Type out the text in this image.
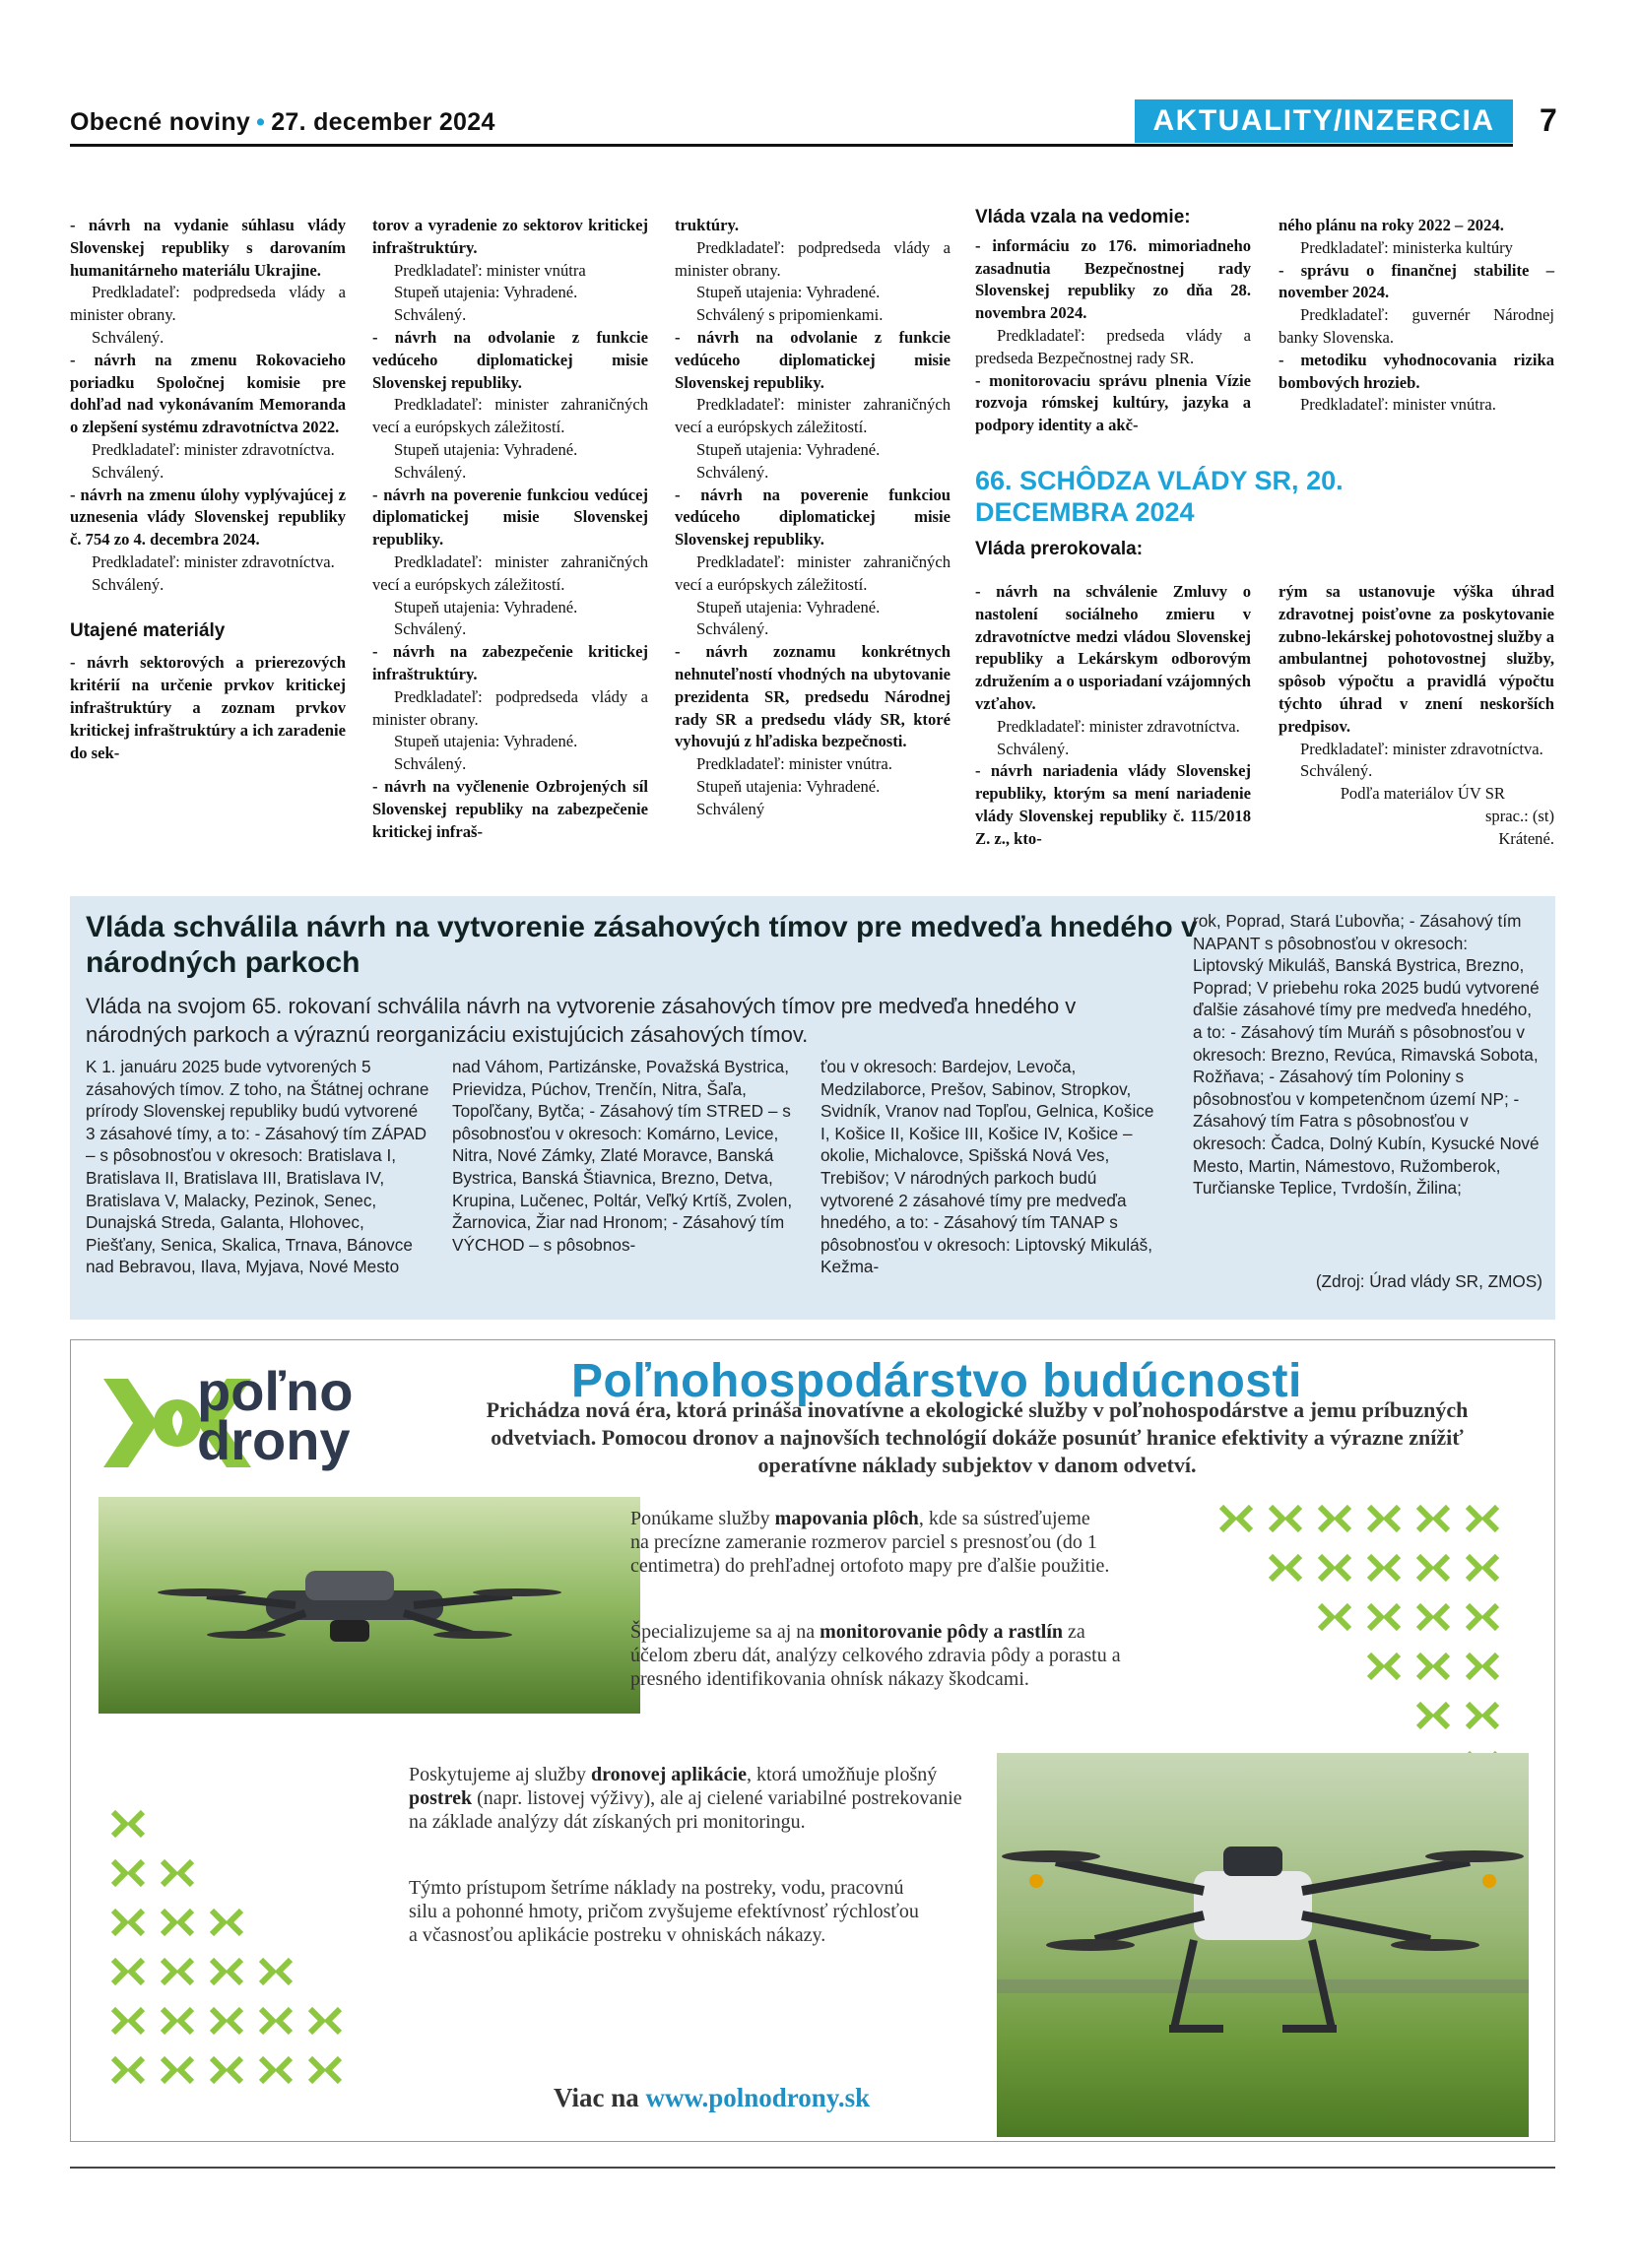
Obecné noviny • 27. december 2024	AKTUALITY/INZERCIA	7

- návrh na vydanie súhlasu vlády Slovenskej republiky s darovaním humanitárneho materiálu Ukrajine.

Predkladateľ: podpredseda vlády a minister obrany.

Schválený.

- návrh na zmenu Rokovacieho poriadku Spoločnej komisie pre dohľad nad vykonávaním Memoranda o zlepšení systému zdravotníctva 2022.

Predkladateľ: minister zdravotníctva.

Schválený.

- návrh na zmenu úlohy vyplývajúcej z uznesenia vlády Slovenskej republiky č. 754 zo 4. decembra 2024.

Predkladateľ: minister zdravotníctva.

Schválený.

Utajené materiály

- návrh sektorových a prierezových kritérií na určenie prvkov kritickej infraštruktúry a zoznam prvkov kritickej infraštruktúry a ich zaradenie do sek-

torov a vyradenie zo sektorov kritickej infraštruktúry.

Predkladateľ: minister vnútra

Stupeň utajenia: Vyhradené.

Schválený.

- návrh na odvolanie z funkcie vedúceho diplomatickej misie Slovenskej republiky.

Predkladateľ: minister zahraničných vecí a európskych záležitostí.

Stupeň utajenia: Vyhradené.

Schválený.

- návrh na poverenie funkciou vedúcej diplomatickej misie Slovenskej republiky.

Predkladateľ: minister zahraničných vecí a európskych záležitostí.

Stupeň utajenia: Vyhradené.

Schválený.

- návrh na zabezpečenie kritickej infraštruktúry.

Predkladateľ: podpredseda vlády a minister obrany.

Stupeň utajenia: Vyhradené.

Schválený.

- návrh na vyčlenenie Ozbrojených síl Slovenskej republiky na zabezpečenie kritickej infraš-

truktúry.

Predkladateľ: podpredseda vlády a minister obrany.

Stupeň utajenia: Vyhradené.

Schválený s pripomienkami.

- návrh na odvolanie z funkcie vedúceho diplomatickej misie Slovenskej republiky.

Predkladateľ: minister zahraničných vecí a európskych záležitostí.

Stupeň utajenia: Vyhradené.

Schválený.

- návrh na poverenie funkciou vedúceho diplomatickej misie Slovenskej republiky.

Predkladateľ: minister zahraničných vecí a európskych záležitostí.

Stupeň utajenia: Vyhradené.

Schválený.

- návrh zoznamu konkrétnych nehnuteľností vhodných na ubytovanie prezidenta SR, predsedu Národnej rady SR a predsedu vlády SR, ktoré vyhovujú z hľadiska bezpečnosti.

Predkladateľ: minister vnútra.

Stupeň utajenia: Vyhradené.

Schválený

Vláda vzala na vedomie:

- informáciu zo 176. mimoriadneho zasadnutia Bezpečnostnej rady Slovenskej republiky zo dňa 28. novembra 2024.

Predkladateľ: predseda vlády a predseda Bezpečnostnej rady SR.

- monitorovaciu správu plnenia Vízie rozvoja rómskej kultúry, jazyka a podpory identity a akč-

ného plánu na roky 2022 – 2024.

Predkladateľ: ministerka kultúry

- správu o finančnej stabilite – november 2024.

Predkladateľ: guvernér Národnej banky Slovenska.

- metodiku vyhodnocovania rizika bombových hrozieb.

Predkladateľ: minister vnútra.

66. SCHÔDZA VLÁDY SR, 20. DECEMBRA 2024
Vláda prerokovala:

- návrh na schválenie Zmluvy o nastolení sociálneho zmieru v zdravotníctve medzi vládou Slovenskej republiky a Lekárskym odborovým združením a o usporiadaní vzájomných vzťahov.

Predkladateľ: minister zdravotníctva.

Schválený.

- návrh nariadenia vlády Slovenskej republiky, ktorým sa mení nariadenie vlády Slovenskej republiky č. 115/2018 Z. z., kto-

rým sa ustanovuje výška úhrad zdravotnej poisťovne za poskytovanie zubno-lekárskej pohotovostnej služby a ambulantnej pohotovostnej služby, spôsob výpočtu a pravidlá výpočtu týchto úhrad v znení neskorších predpisov.

Predkladateľ: minister zdravotníctva.

Schválený.

Podľa materiálov ÚV SR

sprac.: (st)

Krátené.

Vláda schválila návrh na vytvorenie zásahových tímov pre medveďa hnedého v národných parkoch

Vláda na svojom 65. rokovaní schválila návrh na vytvorenie zásahových tímov pre medveďa hnedého v národných parkoch a výraznú reorganizáciu existujúcich zásahových tímov.

K 1. januáru 2025 bude vytvorených 5 zásahových tímov. Z toho, na Štátnej ochrane prírody Slovenskej republiky budú vytvorené 3 zásahové tímy, a to: - Zásahový tím ZÁPAD – s pôsobnosťou v okresoch: Bratislava I, Bratislava II, Bratislava III, Bratislava IV, Bratislava V, Malacky, Pezinok, Senec, Dunajská Streda, Galanta, Hlohovec, Piešťany, Senica, Skalica, Trnava, Bánovce nad Bebravou, Ilava, Myjava, Nové Mesto

nad Váhom, Partizánske, Považská Bystrica, Prievidza, Púchov, Trenčín, Nitra, Šaľa, Topoľčany, Bytča; - Zásahový tím STRED – s pôsobnosťou v okresoch: Komárno, Levice, Nitra, Nové Zámky, Zlaté Moravce, Banská Bystrica, Banská Štiavnica, Brezno, Detva, Krupina, Lučenec, Poltár, Veľký Krtíš, Zvolen, Žarnovica, Žiar nad Hronom; - Zásahový tím VÝCHOD – s pôsobnos-

ťou v okresoch: Bardejov, Levoča, Medzilaborce, Prešov, Sabinov, Stropkov, Svidník, Vranov nad Topľou, Gelnica, Košice I, Košice II, Košice III, Košice IV, Košice – okolie, Michalovce, Spišská Nová Ves, Trebišov; V národných parkoch budú vytvorené 2 zásahové tímy pre medveďa hnedého, a to: - Zásahový tím TANAP s pôsobnosťou v okresoch: Liptovský Mikuláš, Kežma-

rok, Poprad, Stará Ľubovňa; - Zásahový tím NAPANT s pôsobnosťou v okresoch: Liptovský Mikuláš, Banská Bystrica, Brezno, Poprad; V priebehu roka 2025 budú vytvorené ďalšie zásahové tímy pre medveďa hnedého, a to: - Zásahový tím Muráň s pôsobnosťou v okresoch: Brezno, Revúca, Rimavská Sobota, Rožňava; - Zásahový tím Poloniny s pôsobnosťou v kompetenčnom území NP; - Zásahový tím Fatra s pôsobnosťou v okresoch: Čadca, Dolný Kubín, Kysucké Nové Mesto, Martin, Námestovo, Ružomberok, Turčianske Teplice, Tvrdošín, Žilina;

(Zdroj: Úrad vlády SR, ZMOS)

poľno
drony
Poľnohospodárstvo budúcnosti
Prichádza nová éra, ktorá prináša inovatívne a ekologické služby v poľnohospodárstve a jemu príbuzných odvetviach. Pomocou dronov a najnovších technológií dokáže posunúť hranice efektivity a výrazne znížiť operatívne náklady subjektov v danom odvetví.

Ponúkame služby mapovania plôch, kde sa sústreďujeme na precízne zameranie rozmerov parciel s presnosťou (do 1 centimetra) do prehľadnej ortofoto mapy pre ďalšie použitie.

Špecializujeme sa aj na monitorovanie pôdy a rastlín za účelom zberu dát, analýzy celkového zdravia pôdy a porastu a presného identifikovania ohnísk nákazy škodcami.

Poskytujeme aj služby dronovej aplikácie, ktorá umožňuje plošný postrek (napr. listovej výživy), ale aj cielené variabilné postrekovanie na základe analýzy dát získaných pri monitoringu.

Týmto prístupom šetríme náklady na postreky, vodu, pracovnú silu a pohonné hmoty, pričom zvyšujeme efektívnosť rýchlosťou a včasnosťou aplikácie postreku v ohniskách nákazy.

Viac na www.polnodrony.sk
